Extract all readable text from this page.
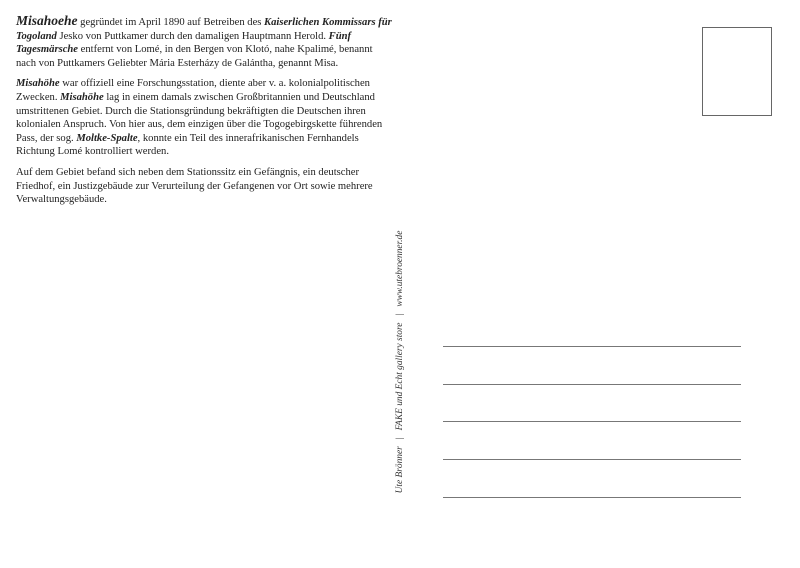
Misahoehe gegründet im April 1890 auf Betreiben des Kaiserlichen Kommissars für Togoland Jesko von Puttkamer durch den damaligen Hauptmann Herold. Fünf Tagesmärsche entfernt von Lomé, in den Bergen von Klotó, nahe Kpalimé, benannt nach von Puttkamers Geliebter Mária Esterházy de Galántha, genannt Misa.

Misahöhe war offiziell eine Forschungsstation, diente aber v. a. kolonialpolitischen Zwecken. Misahöhe lag in einem damals zwischen Großbritannien und Deutschland umstrittenen Gebiet. Durch die Stationsgründung bekräftigten die Deutschen ihren kolonialen Anspruch. Von hier aus, dem einzigen über die Togogebirgskette führenden Pass, der sog. Moltke-Spalte, konnte ein Teil des innerafrikanischen Fernhandels Richtung Lomé kontrolliert werden.

Auf dem Gebiet befand sich neben dem Stationssitz ein Gefängnis, ein deutscher Friedhof, ein Justizgebäude zur Verurteilung der Gefangenen vor Ort sowie mehrere Verwaltungsgebäude.

Ute Brönner|FAKE und Echt gallery store|www.utebroenner.de
